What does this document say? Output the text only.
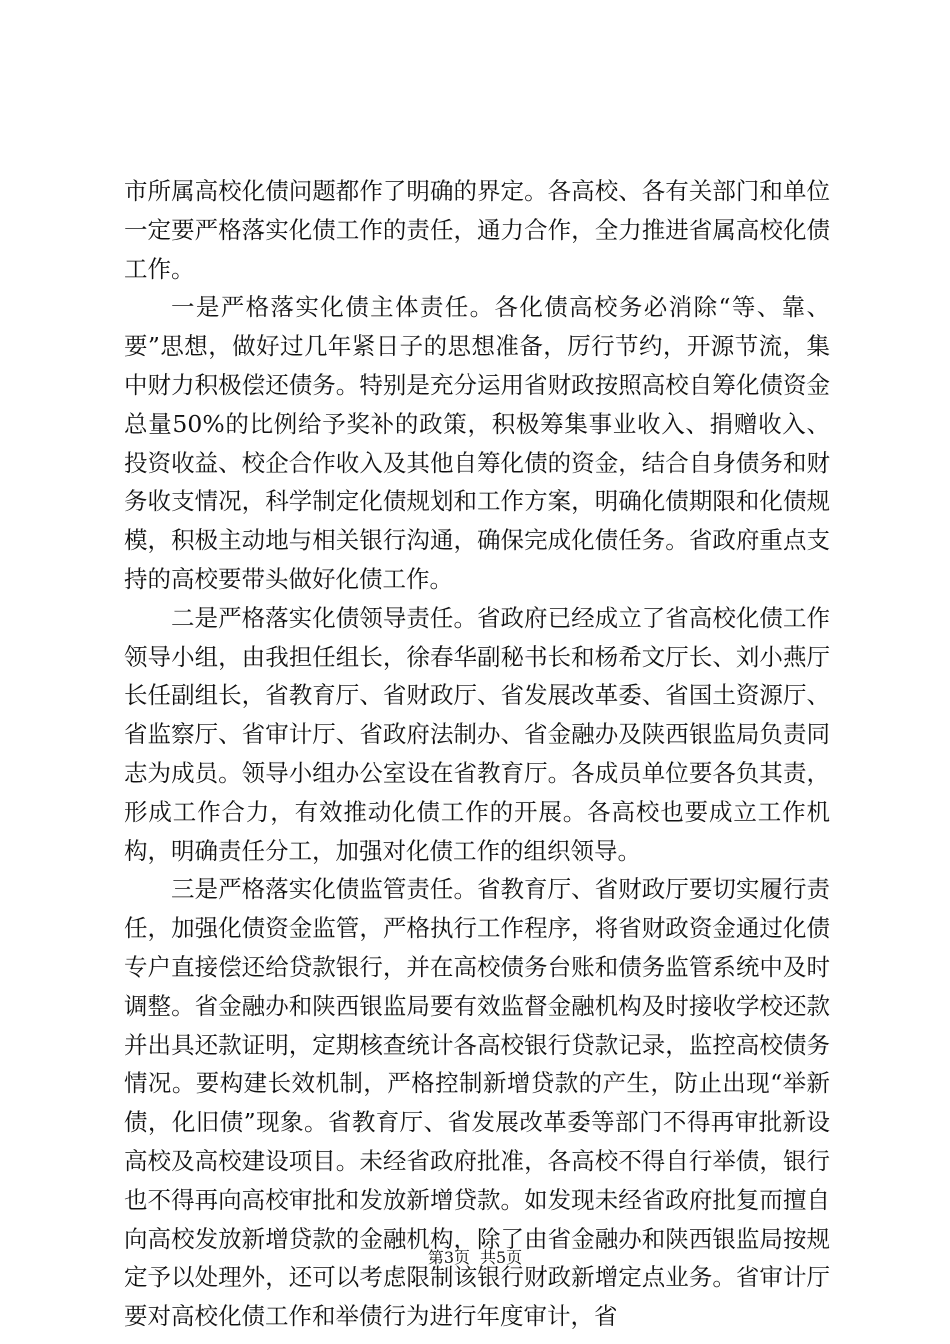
市所属高校化债问题都作了明确的界定。各高校、各有关部门和单位一定要严格落实化债工作的责任，通力合作，全力推进省属高校化债工作。

一是严格落实化债主体责任。各化债高校务必消除“等、靠、要”思想，做好过几年紧日子的思想准备，厉行节约，开源节流，集中财力积极偿还债务。特别是充分运用省财政按照高校自筹化债资金总量50%的比例给予奖补的政策，积极筹集事业收入、捐赠收入、投资收益、校企合作收入及其他自筹化债的资金，结合自身债务和财务收支情况，科学制定化债规划和工作方案，明确化债期限和化债规模，积极主动地与相关银行沟通，确保完成化债任务。省政府重点支持的高校要带头做好化债工作。

二是严格落实化债领导责任。省政府已经成立了省高校化债工作领导小组，由我担任组长，徐春华副秘书长和杨希文厅长、刘小燕厅长任副组长，省教育厅、省财政厅、省发展改革委、省国土资源厅、省监察厅、省审计厅、省政府法制办、省金融办及陕西银监局负责同志为成员。领导小组办公室设在省教育厅。各成员单位要各负其责，形成工作合力，有效推动化债工作的开展。各高校也要成立工作机构，明确责任分工，加强对化债工作的组织领导。

三是严格落实化债监管责任。省教育厅、省财政厅要切实履行责任，加强化债资金监管，严格执行工作程序，将省财政资金通过化债专户直接偿还给贷款银行，并在高校债务台账和债务监管系统中及时调整。省金融办和陕西银监局要有效监督金融机构及时接收学校还款并出具还款证明，定期核查统计各高校银行贷款记录，监控高校债务情况。要构建长效机制，严格控制新增贷款的产生，防止出现“举新债，化旧债”现象。省教育厅、省发展改革委等部门不得再审批新设高校及高校建设项目。未经省政府批准，各高校不得自行举债，银行也不得再向高校审批和发放新增贷款。如发现未经省政府批复而擅自向高校发放新增贷款的金融机构，除了由省金融办和陕西银监局按规定予以处理外，还可以考虑限制该银行财政新增定点业务。省审计厅要对高校化债工作和举债行为进行年度审计，省

第3页 共5页
